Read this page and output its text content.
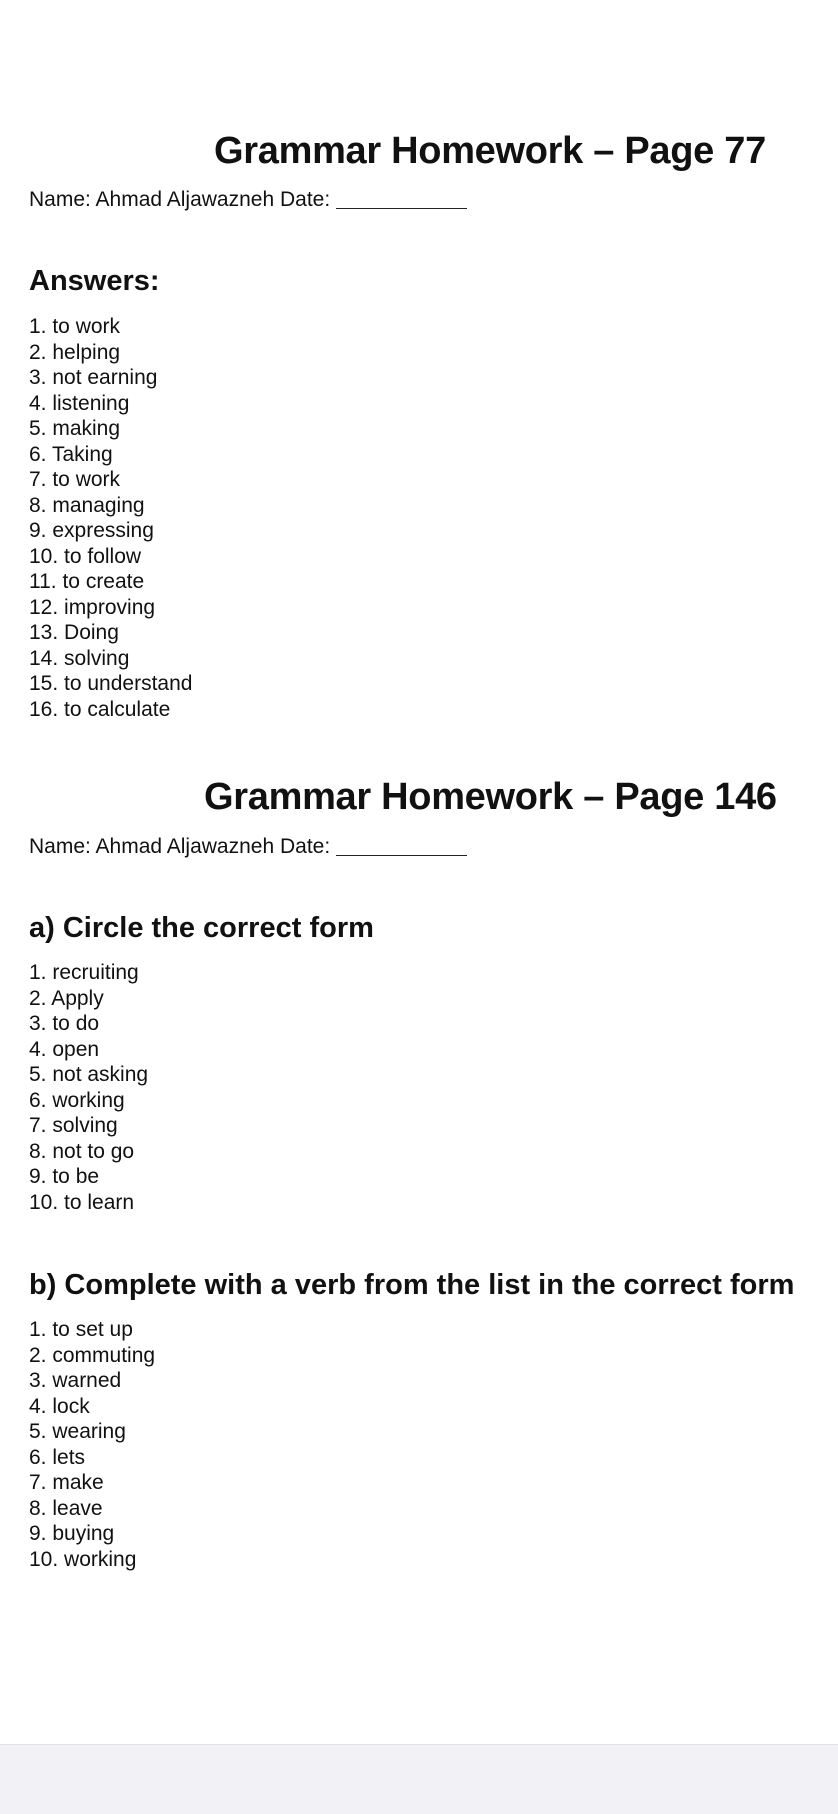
Grammar Homework – Page 77
Name: Ahmad Aljawazneh Date:
Answers:
1. to work
2. helping
3. not earning
4. listening
5. making
6. Taking
7. to work
8. managing
9. expressing
10. to follow
11. to create
12. improving
13. Doing
14. solving
15. to understand
16. to calculate
Grammar Homework – Page 146
Name: Ahmad Aljawazneh Date:
a) Circle the correct form
1. recruiting
2. Apply
3. to do
4. open
5. not asking
6. working
7. solving
8. not to go
9. to be
10. to learn
b) Complete with a verb from the list in the correct form
1. to set up
2. commuting
3. warned
4. lock
5. wearing
6. lets
7. make
8. leave
9. buying
10. working
